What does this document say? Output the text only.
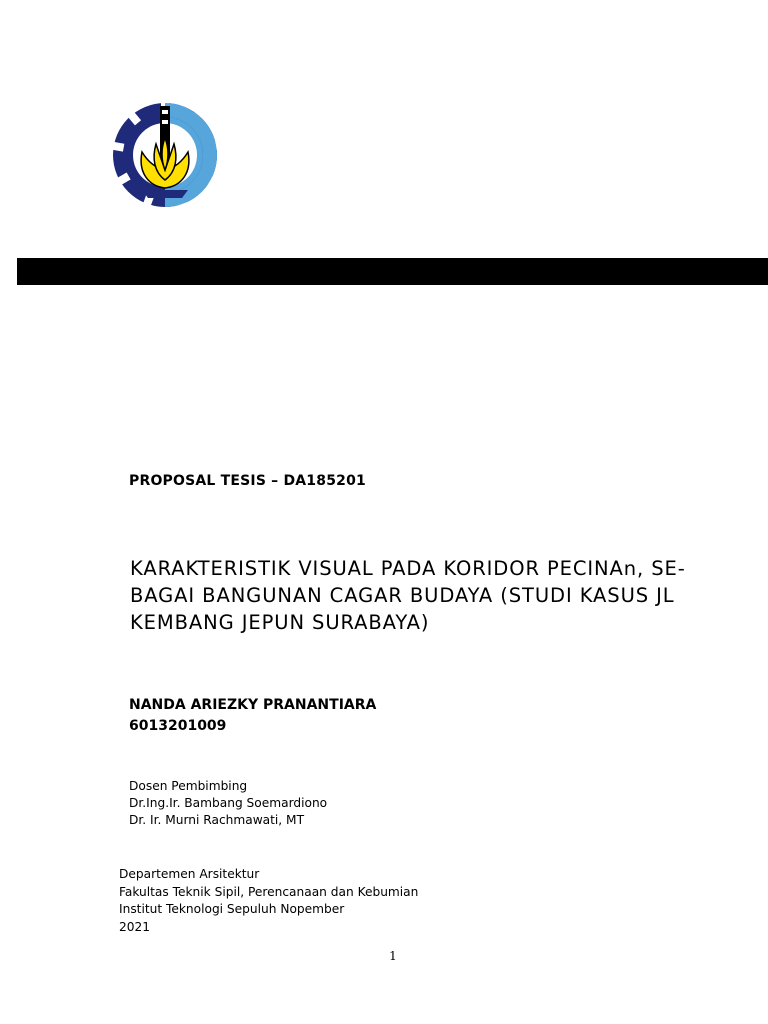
PROPOSAL TESIS – DA185201

KARAKTERISTIK VISUAL PADA KORIDOR PECINAn, SE-
BAGAI BANGUNAN CAGAR BUDAYA (STUDI KASUS JL
KEMBANG JEPUN SURABAYA)
NANDA ARIEZKY PRANANTIARA
6013201009
Dosen Pembimbing
Dr.Ing.Ir. Bambang Soemardiono
Dr. Ir. Murni Rachmawati, MT
Departemen Arsitektur
Fakultas Teknik Sipil, Perencanaan dan Kebumian
Institut Teknologi Sepuluh Nopember
2021
1
